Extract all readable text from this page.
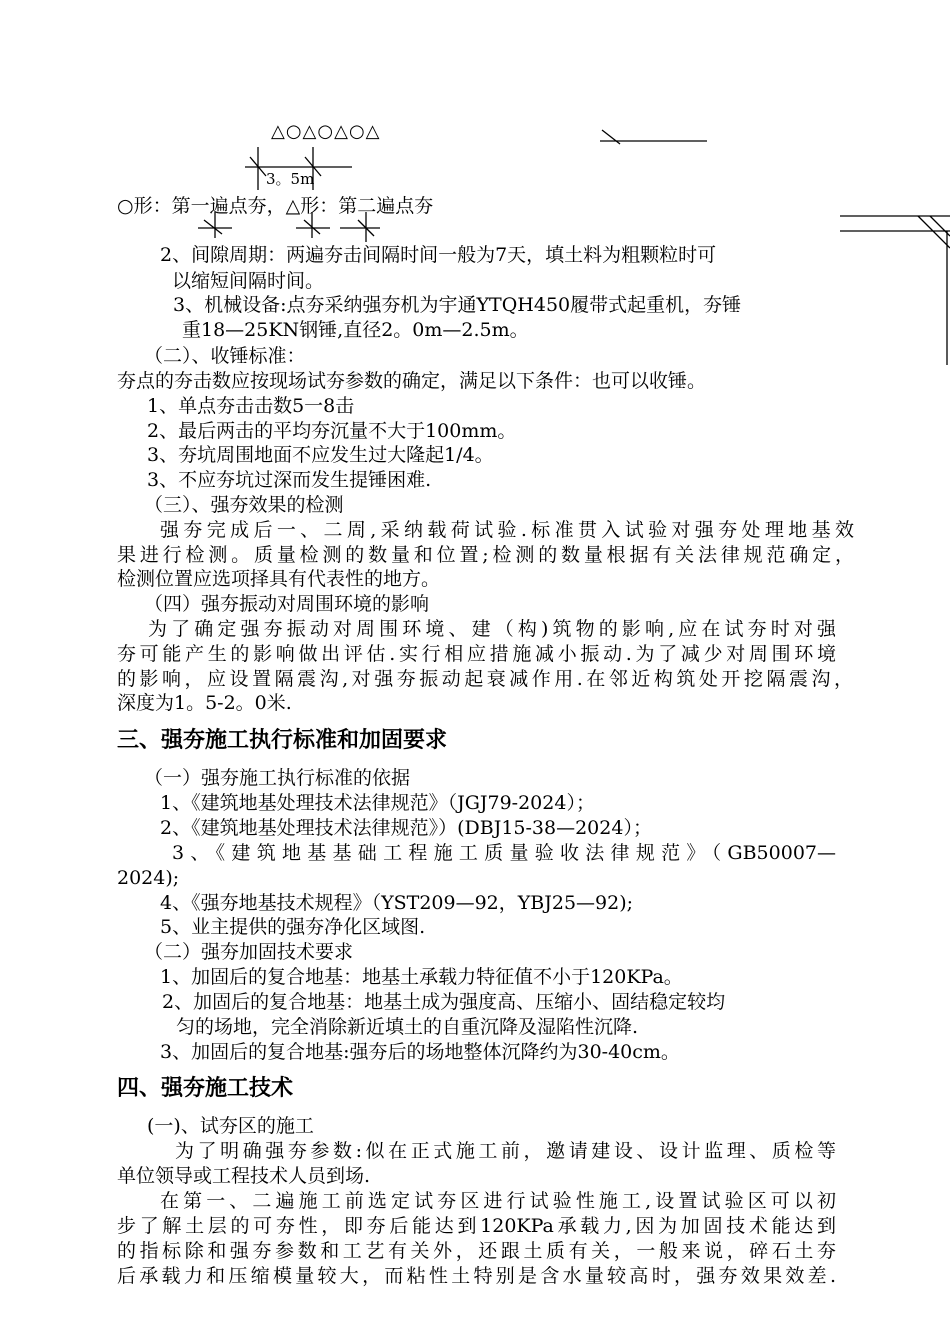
△○△○△○△
3。5m
○形：第一遍点夯，△形：第二遍点夯
2、间隙周期：两遍夯击间隔时间一般为7天，填土料为粗颗粒时可
以缩短间隔时间。
3、机械设备:点夯采纳强夯机为宇通YTQH450履带式起重机，夯锤
重18—25KN钢锤,直径2。0m—2.5m。
（二）、收锤标准：
夯点的夯击数应按现场试夯参数的确定，满足以下条件：也可以收锤。
1、单点夯击击数5一8击
2、最后两击的平均夯沉量不大于100mm。
3、夯坑周围地面不应发生过大隆起1/4。
3、不应夯坑过深而发生提锤困难.
（三）、强夯效果的检测
强夯完成后一、二周,采纳载荷试验.标准贯入试验对强夯处理地基效
果进行检测。质量检测的数量和位置;检测的数量根据有关法律规范确定，
检测位置应选项择具有代表性的地方。
（四）强夯振动对周围环境的影响
为了确定强夯振动对周围环境、建（构)筑物的影响,应在试夯时对强
夯可能产生的影响做出评估.实行相应措施减小振动.为了减少对周围环境
的影响，应设置隔震沟,对强夯振动起衰减作用.在邻近构筑处开挖隔震沟，
深度为1。5-2。0米.
三、强夯施工执行标准和加固要求
（一）强夯施工执行标准的依据
1、《建筑地基处理技术法律规范》（JGJ79-2024）；
2、《建筑地基处理技术法律规范》）(DBJ15-38—2024）；
3、《建筑地基基础工程施工质量验收法律规范》（GB50007—
2024);
4、《强夯地基技术规程》（YST209—92，YBJ25—92);
5、业主提供的强夯净化区域图.
（二）强夯加固技术要求
1、加固后的复合地基：地基土承载力特征值不小于120KPa。
2、加固后的复合地基：地基土成为强度高、压缩小、固结稳定较均
匀的场地，完全消除新近填土的自重沉降及湿陷性沉降.
3、加固后的复合地基:强夯后的场地整体沉降约为30-40cm。
四、强夯施工技术
(一)、试夯区的施工
为了明确强夯参数:似在正式施工前，邀请建设、设计监理、质检等
单位领导或工程技术人员到场.
在第一、二遍施工前选定试夯区进行试验性施工,设置试验区可以初
步了解土层的可夯性，即夯后能达到120KPa承载力,因为加固技术能达到
的指标除和强夯参数和工艺有关外，还跟土质有关，一般来说，碎石土夯
后承载力和压缩模量较大，而粘性土特别是含水量较高时，强夯效果效差.
